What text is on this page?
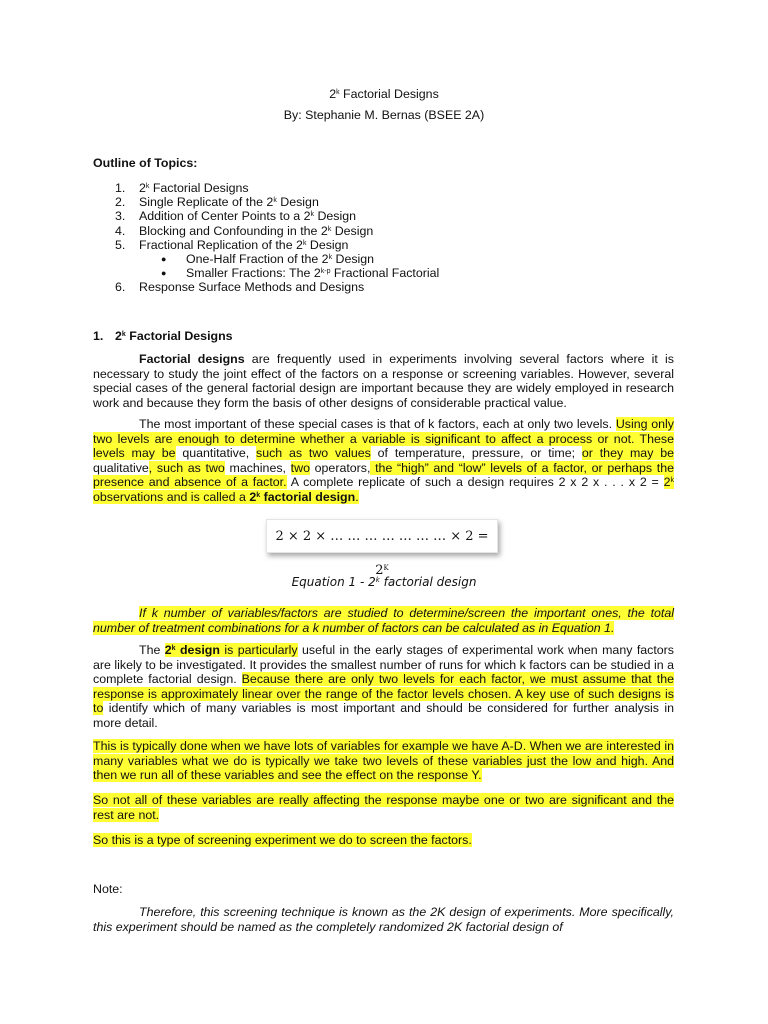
2$^k$ Factorial Designs
By: Stephanie M. Bernas (BSEE 2A)
Outline of Topics:
1. 2$^k$ Factorial Designs
2. Single Replicate of the 2$^k$ Design
3. Addition of Center Points to a 2$^k$ Design
4. Blocking and Confounding in the 2$^k$ Design
5. Fractional Replication of the 2$^k$ Design
● One-Half Fraction of the 2$^k$ Design
● Smaller Fractions: The 2$^{k-p}$ Fractional Factorial
6. Response Surface Methods and Designs
1. 2$^k$ Factorial Designs
Factorial designs are frequently used in experiments involving several factors where it is necessary to study the joint effect of the factors on a response or screening variables. However, several special cases of the general factorial design are important because they are widely employed in research work and because they form the basis of other designs of considerable practical value.
The most important of these special cases is that of k factors, each at only two levels. Using only two levels are enough to determine whether a variable is significant to affect a process or not. These levels may be quantitative, such as two values of temperature, pressure, or time; or they may be qualitative, such as two machines, two operators, the “high” and “low” levels of a factor, or perhaps the presence and absence of a factor. A complete replicate of such a design requires 2 x 2 x . . . x $2 = 2^k$ observations and is called a 2$^k$ factorial design.
2 × 2 × … … … … … … … × $2 = 2^K$
Equation 1 - 2$^k$ factorial design
If k number of variables/factors are studied to determine/screen the important ones, the total number of treatment combinations for a k number of factors can be calculated as in Equation 1.
The 2$^k$ design is particularly useful in the early stages of experimental work when many factors are likely to be investigated. It provides the smallest number of runs for which k factors can be studied in a complete factorial design. Because there are only two levels for each factor, we must assume that the response is approximately linear over the range of the factor levels chosen. A key use of such designs is to identify which of many variables is most important and should be considered for further analysis in more detail.
This is typically done when we have lots of variables for example we have A-D. When we are interested in many variables what we do is typically we take two levels of these variables just the low and high. And then we run all of these variables and see the effect on the response Y.
So not all of these variables are really affecting the response maybe one or two are significant and the rest are not.
So this is a type of screening experiment we do to screen the factors.
Note:
Therefore, this screening technique is known as the 2K design of experiments. More specifically, this experiment should be named as the completely randomized 2K factorial design of
